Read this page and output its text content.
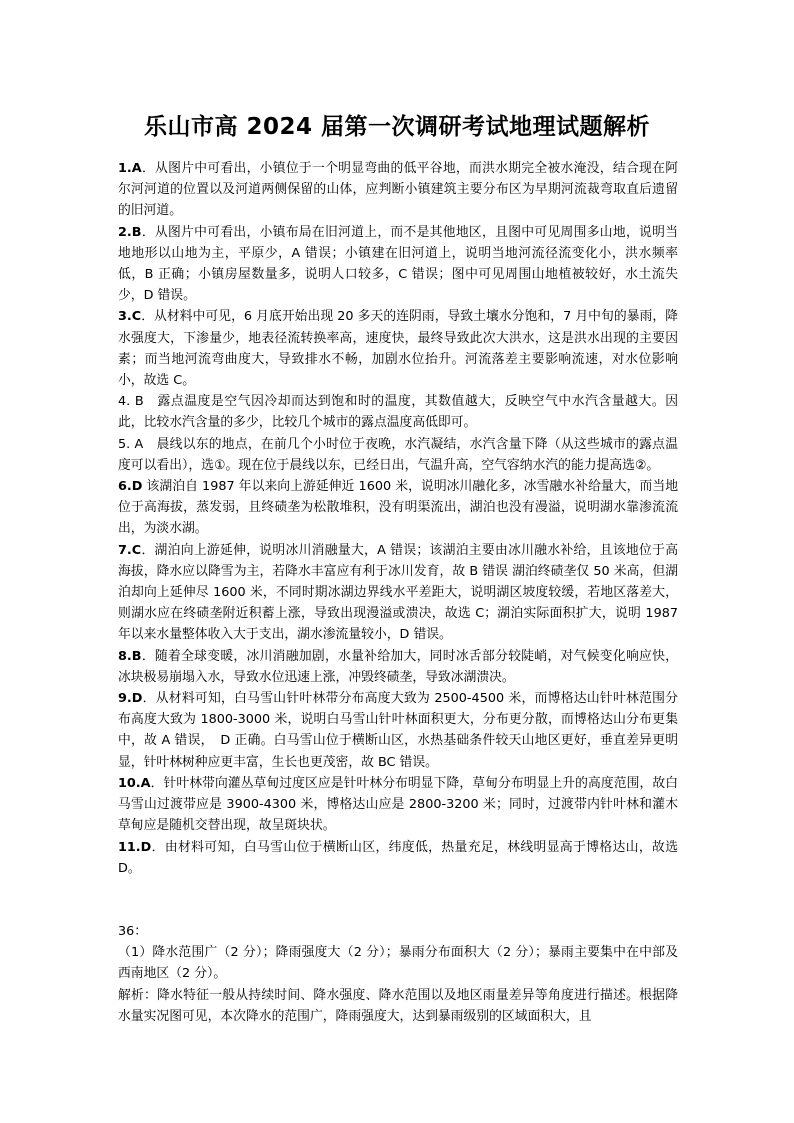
乐山市高 2024 届第一次调研考试地理试题解析

1.A．从图片中可看出，小镇位于一个明显弯曲的低平谷地，而洪水期完全被水淹没，结合现在阿尔河河道的位置以及河道两侧保留的山体，应判断小镇建筑主要分布区为早期河流裁弯取直后遗留的旧河道。

2.B．从图片中可看出，小镇布局在旧河道上，而不是其他地区，且图中可见周围多山地，说明当地地形以山地为主，平原少，A 错误；小镇建在旧河道上，说明当地河流径流变化小，洪水频率低，B 正确；小镇房屋数量多，说明人口较多，C 错误；图中可见周围山地植被较好，水土流失少，D 错误。

3.C．从材料中可见，6 月底开始出现 20 多天的连阴雨，导致土壤水分饱和，7 月中旬的暴雨，降水强度大，下渗量少，地表径流转换率高，速度快，最终导致此次大洪水，这是洪水出现的主要因素；而当地河流弯曲度大，导致排水不畅，加剧水位抬升。河流落差主要影响流速，对水位影响小，故选 C。

4. B　露点温度是空气因冷却而达到饱和时的温度，其数值越大，反映空气中水汽含量越大。因此，比较水汽含量的多少，比较几个城市的露点温度高低即可。

5. A　晨线以东的地点，在前几个小时位于夜晚，水汽凝结，水汽含量下降（从这些城市的露点温度可以看出），选①。现在位于晨线以东，已经日出，气温升高，空气容纳水汽的能力提高选②。

6.D 该湖泊自 1987 年以来向上游延伸近 1600 米，说明冰川融化多，冰雪融水补给量大，而当地位于高海拔，蒸发弱，且终碛垄为松散堆积，没有明渠流出，湖泊也没有漫溢，说明湖水靠渗流流出，为淡水湖。

7.C．湖泊向上游延伸，说明冰川消融量大，A 错误；该湖泊主要由冰川融水补给，且该地位于高海拔，降水应以降雪为主，若降水丰富应有利于冰川发育，故 B 错误 湖泊终碛垄仅 50 米高，但湖泊却向上延伸尽 1600 米，不同时期冰湖边界线水平差距大，说明湖区坡度较缓，若地区落差大，则湖水应在终碛垄附近积蓄上涨，导致出现漫溢或溃决，故选 C；湖泊实际面积扩大，说明 1987 年以来水量整体收入大于支出，湖水渗流量较小，D 错误。

8.B．随着全球变暖，冰川消融加剧，水量补给加大，同时冰舌部分较陡峭，对气候变化响应快，冰块极易崩塌入水，导致水位迅速上涨，冲毁终碛垄，导致冰湖溃决。

9.D．从材料可知，白马雪山针叶林带分布高度大致为 2500-4500 米，而博格达山针叶林范围分布高度大致为 1800-3000 米，说明白马雪山针叶林面积更大，分布更分散，而博格达山分布更集中，故 A 错误，　D 正确。白马雪山位于横断山区，水热基础条件较天山地区更好，垂直差异更明显，针叶林树种应更丰富，生长也更茂密，故 BC 错误。

10.A．针叶林带向灌丛草甸过度区应是针叶林分布明显下降，草甸分布明显上升的高度范围，故白马雪山过渡带应是 3900-4300 米，博格达山应是 2800-3200 米；同时，过渡带内针叶林和灌木草甸应是随机交替出现，故呈斑块状。

11.D．由材料可知，白马雪山位于横断山区，纬度低，热量充足，林线明显高于博格达山，故选 D。

36：

（1）降水范围广（2 分）；降雨强度大（2 分）；暴雨分布面积大（2 分）；暴雨主要集中在中部及西南地区（2 分）。

解析：降水特征一般从持续时间、降水强度、降水范围以及地区雨量差异等角度进行描述。根据降水量实况图可见，本次降水的范围广，降雨强度大，达到暴雨级别的区域面积大，且
